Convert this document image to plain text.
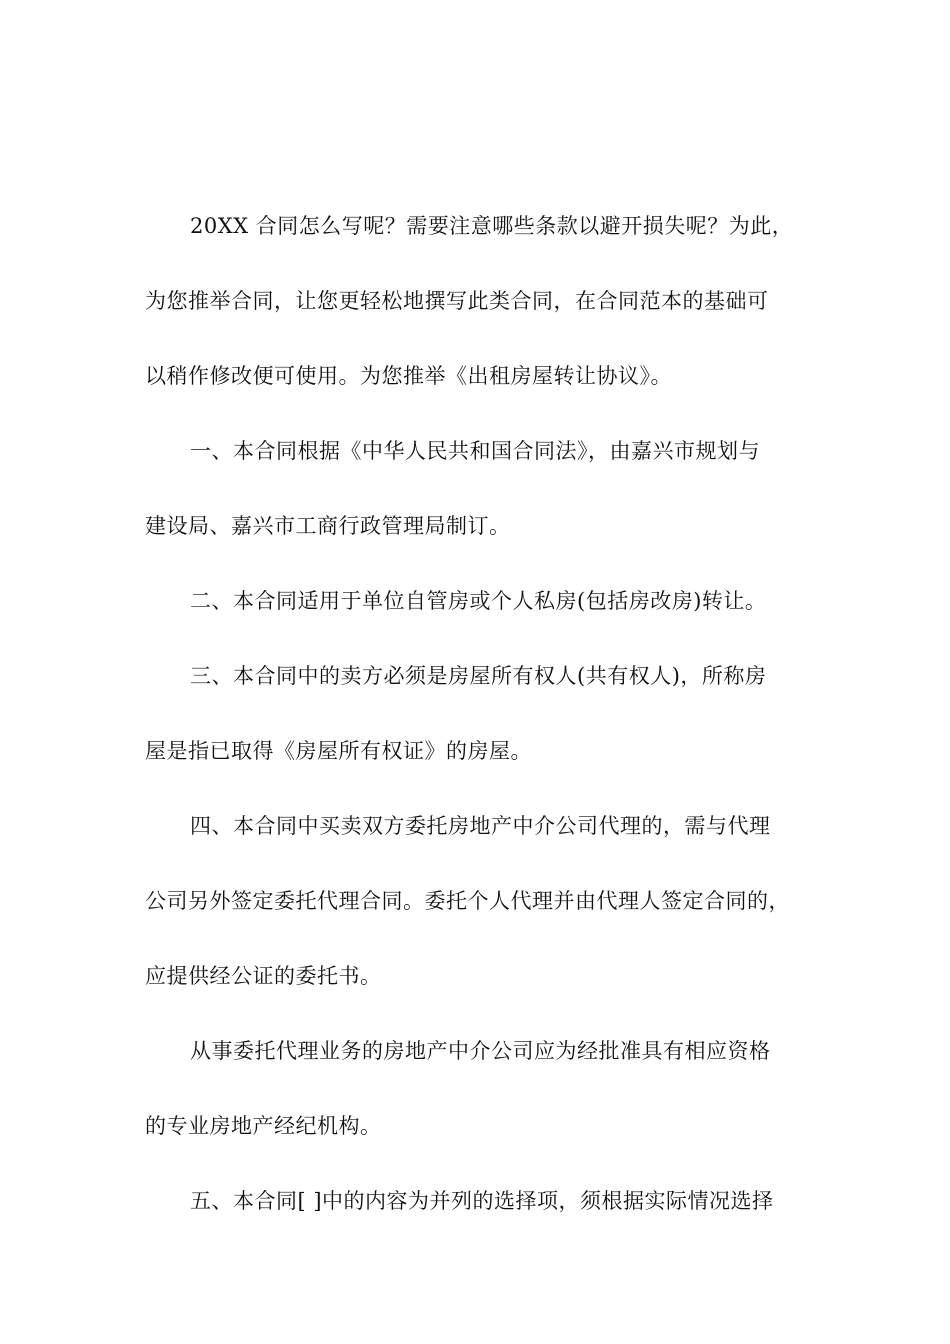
20XX 合同怎么写呢？需要注意哪些条款以避开损失呢？为此，
为您推举合同，让您更轻松地撰写此类合同，在合同范本的基础可
以稍作修改便可使用。为您推举《出租房屋转让协议》。
一、本合同根据《中华人民共和国合同法》，由嘉兴市规划与
建设局、嘉兴市工商行政管理局制订。
二、本合同适用于单位自管房或个人私房(包括房改房)转让。
三、本合同中的卖方必须是房屋所有权人(共有权人)，所称房
屋是指已取得《房屋所有权证》的房屋。
四、本合同中买卖双方委托房地产中介公司代理的，需与代理
公司另外签定委托代理合同。委托个人代理并由代理人签定合同的，
应提供经公证的委托书。
从事委托代理业务的房地产中介公司应为经批准具有相应资格
的专业房地产经纪机构。
五、本合同[ ]中的内容为并列的选择项，须根据实际情况选择
